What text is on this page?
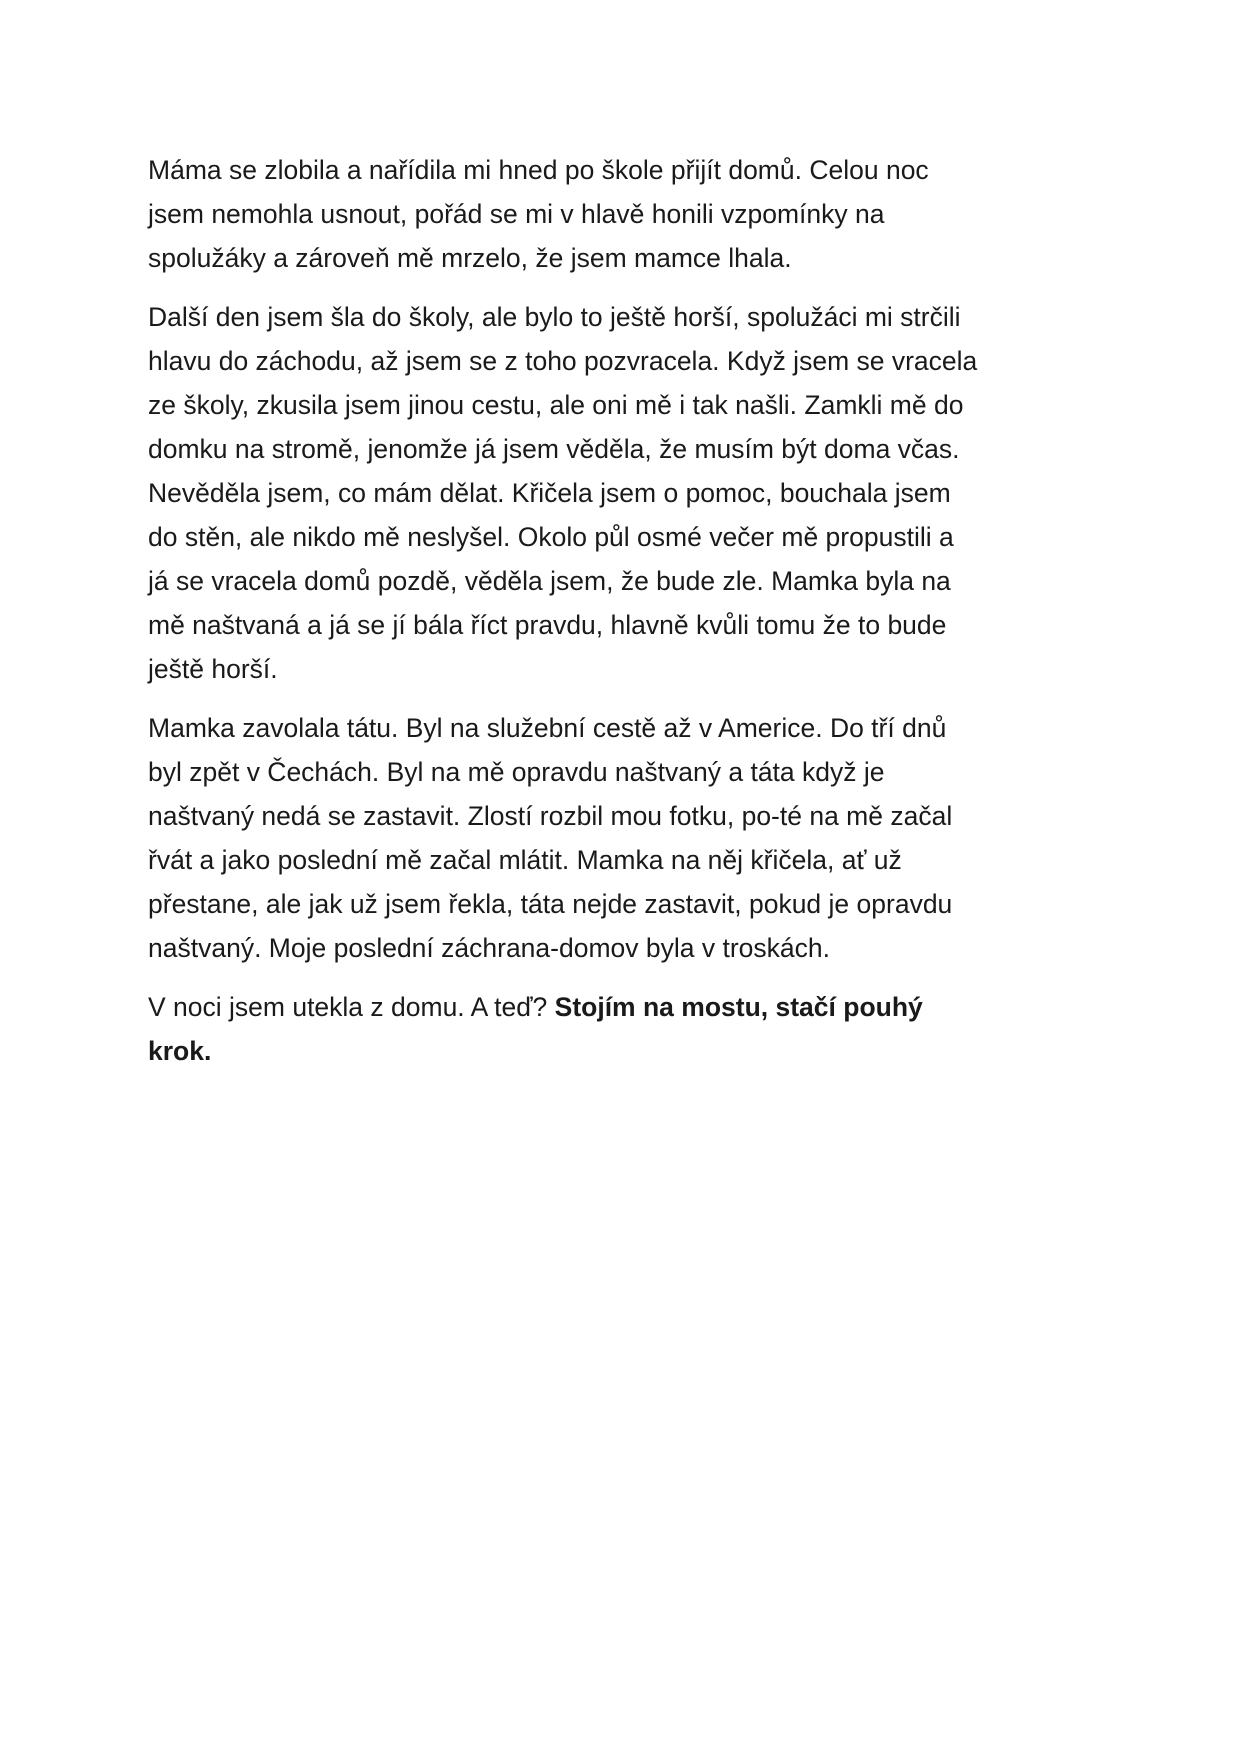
Máma se zlobila a nařídila mi hned po škole přijít domů. Celou noc
jsem nemohla usnout, pořád se mi v hlavě honili vzpomínky na
spolužáky a zároveň mě mrzelo, že jsem mamce lhala.

Další den jsem šla do školy, ale bylo to ještě horší, spolužáci mi strčili
hlavu do záchodu, až jsem se z toho pozvracela. Když jsem se vracela
ze školy, zkusila jsem jinou cestu, ale oni mě i tak našli. Zamkli mě do
domku na stromě, jenomže já jsem věděla, že musím být doma včas.
Nevěděla jsem, co mám dělat. Křičela jsem o pomoc, bouchala jsem
do stěn, ale nikdo mě neslyšel. Okolo půl osmé večer mě propustili a
já se vracela domů pozdě, věděla jsem, že bude zle. Mamka byla na
mě naštvaná a já se jí bála říct pravdu, hlavně kvůli tomu že to bude
ještě horší.

Mamka zavolala tátu. Byl na služební cestě až v Americe. Do tří dnů
byl zpět v Čechách. Byl na mě opravdu naštvaný a táta když je
naštvaný nedá se zastavit. Zlostí rozbil mou fotku, po-té na mě začal
řvát a jako poslední mě začal mlátit. Mamka na něj křičela, ať už
přestane, ale jak už jsem řekla, táta nejde zastavit, pokud je opravdu
naštvaný. Moje poslední záchrana-domov byla v troskách.

V noci jsem utekla z domu. A teď? Stojím na mostu, stačí pouhý
krok.
